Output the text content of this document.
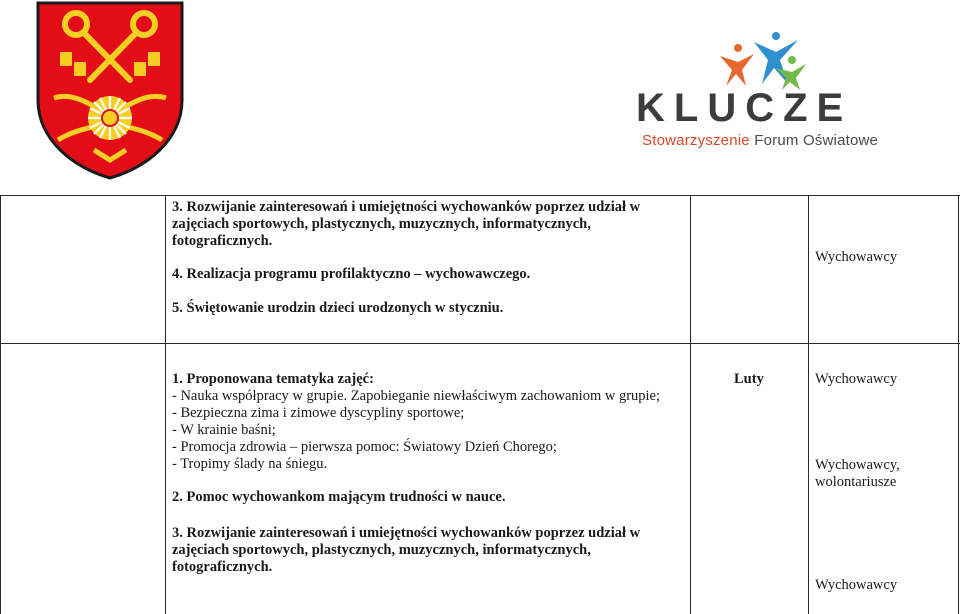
KLUCZE
Stowarzyszenie Forum Oświatowe
3. Rozwijanie zainteresowań i umiejętności wychowanków poprzez udział w
zajęciach sportowych, plastycznych, muzycznych, informatycznych,
fotograficznych.
4. Realizacja programu profilaktyczno – wychowawczego.
5. Świętowanie urodzin dzieci urodzonych w styczniu.
Wychowawcy
1. Proponowana tematyka zajęć:
- Nauka współpracy w grupie. Zapobieganie niewłaściwym zachowaniom w grupie;
- Bezpieczna zima i zimowe dyscypliny sportowe;
- W krainie baśni;
- Promocja zdrowia – pierwsza pomoc: Światowy Dzień Chorego;
- Tropimy ślady na śniegu.
2. Pomoc wychowankom mającym trudności w nauce.
3. Rozwijanie zainteresowań i umiejętności wychowanków poprzez udział w
zajęciach sportowych, plastycznych, muzycznych, informatycznych,
fotograficznych.
Luty	Wychowawcy
Wychowawcy,
wolontariusze
Wychowawcy
